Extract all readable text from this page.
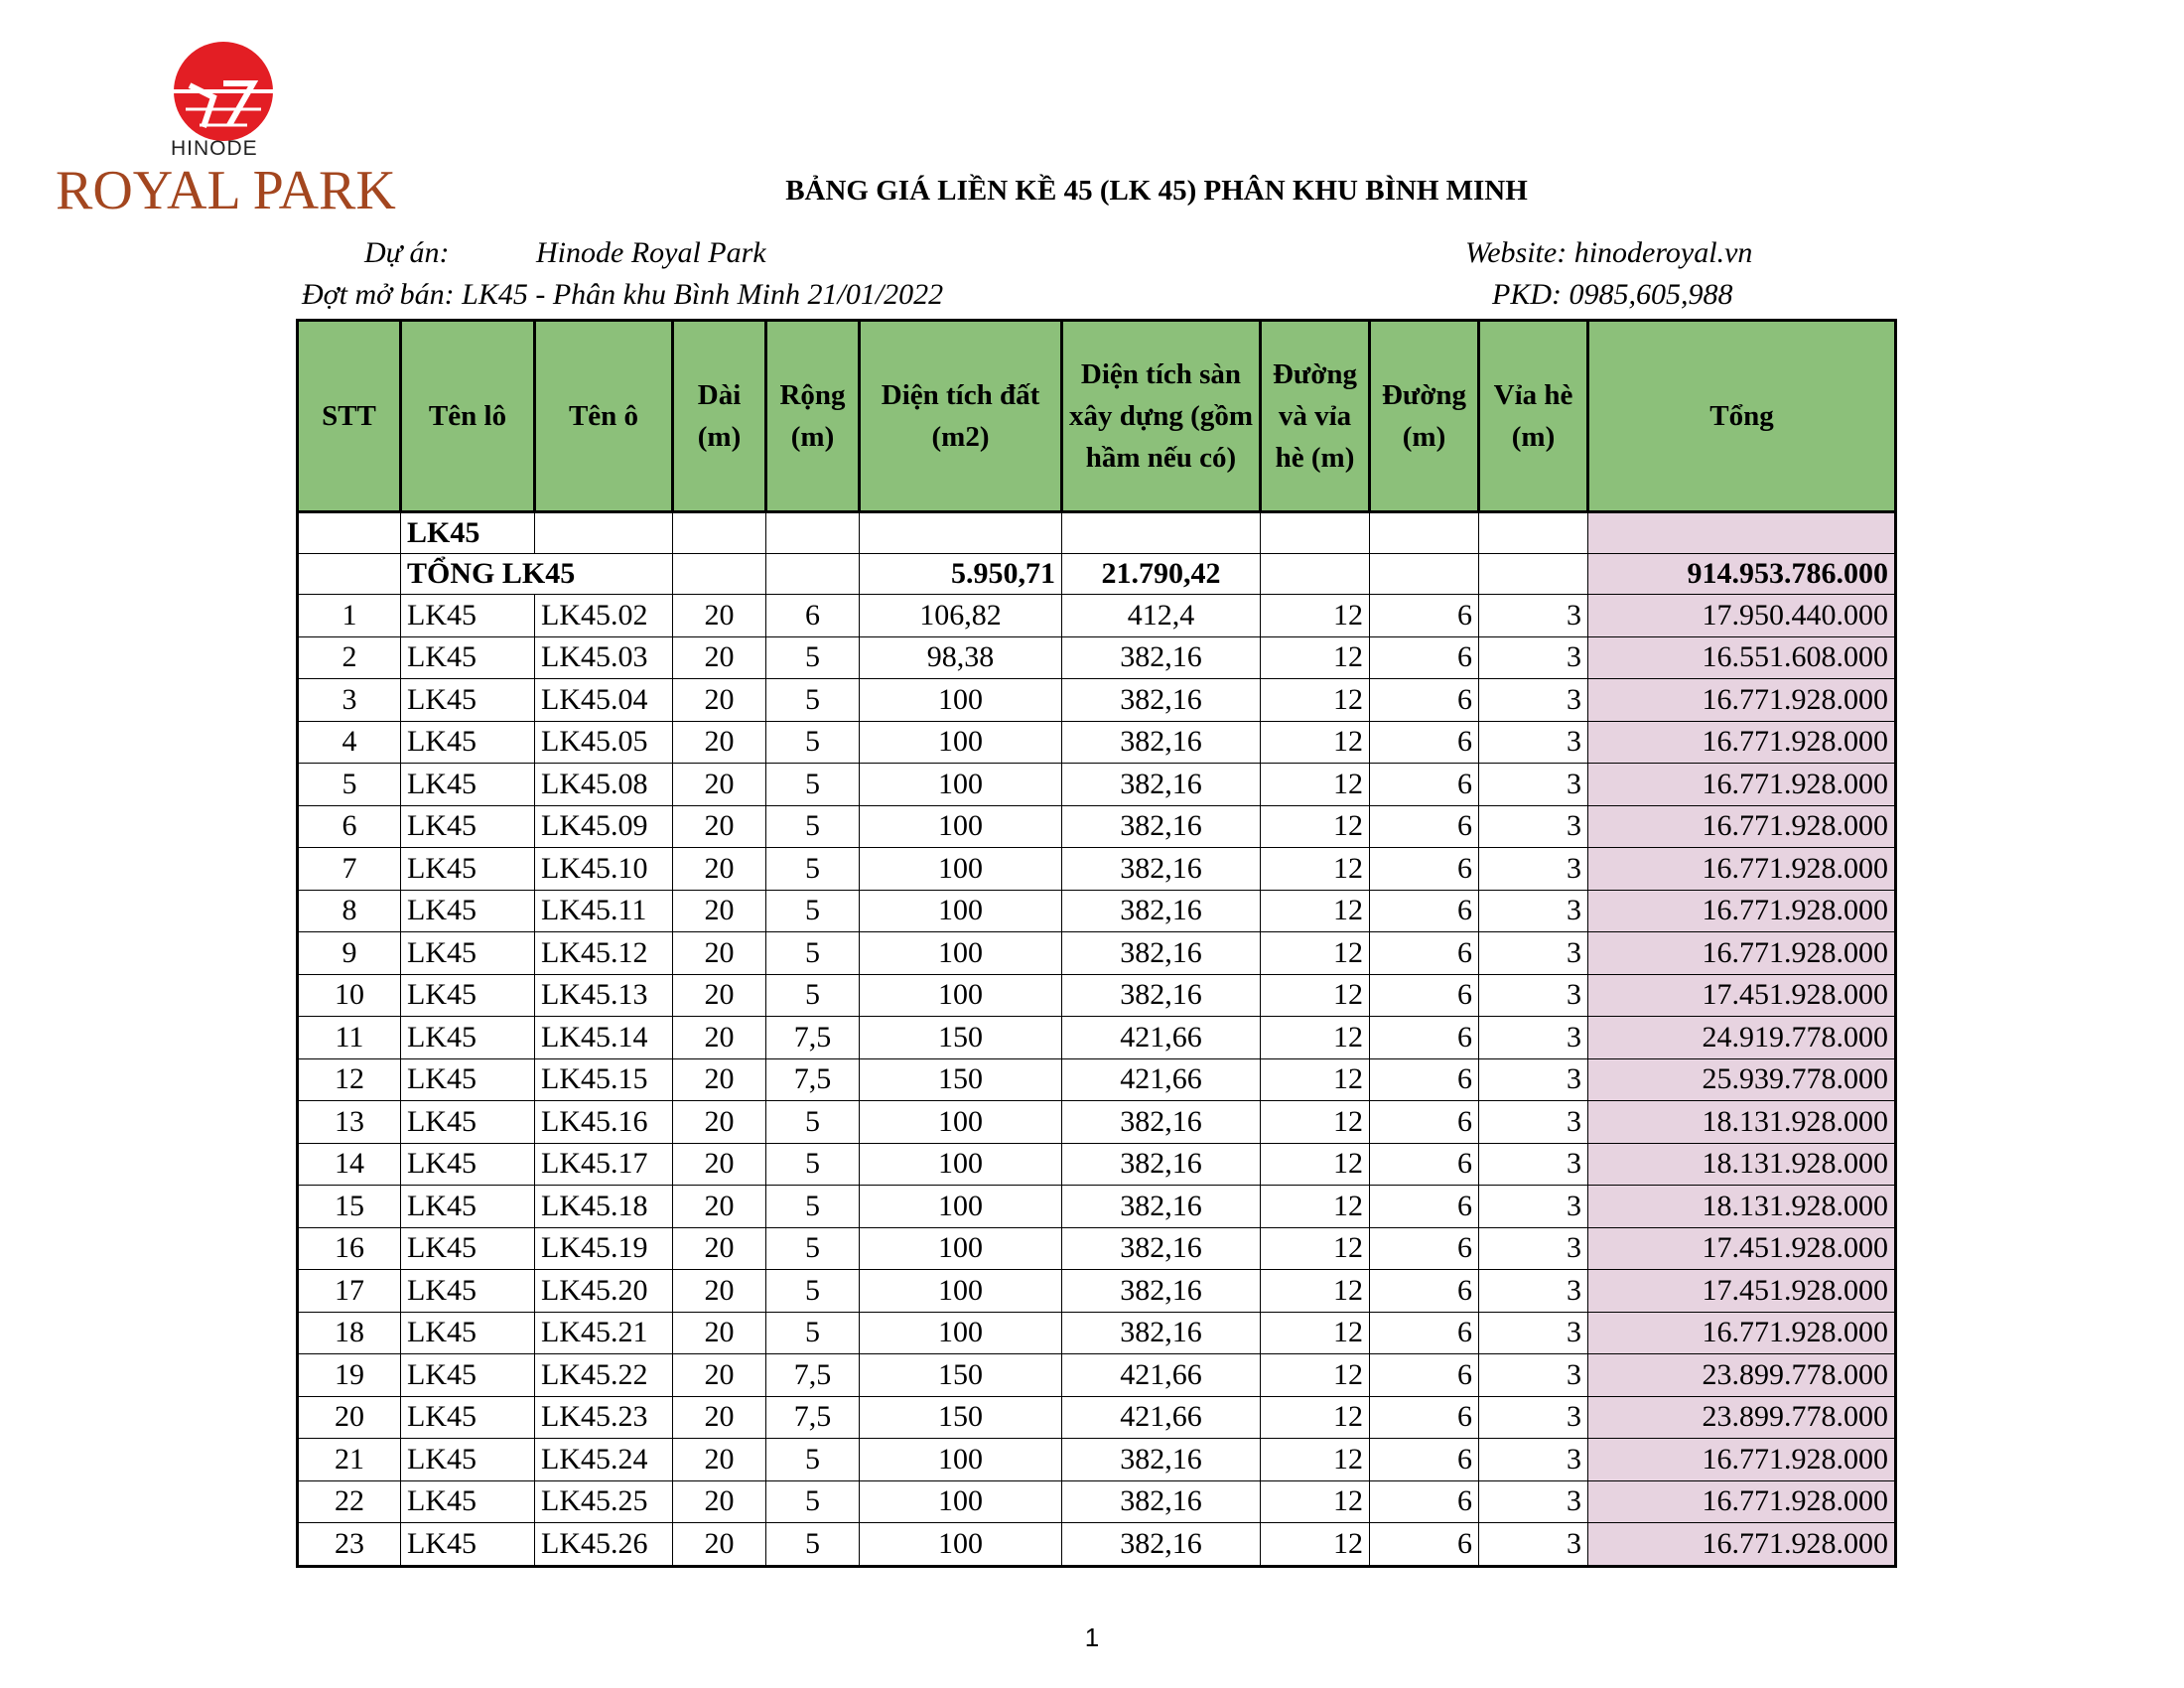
HINODE
ROYAL PARK	BẢNG GIÁ LIỀN KỀ 45 (LK 45) PHÂN KHU BÌNH MINH
Dự án:	Hinode Royal Park
Đợt mở bán: LK45 - Phân khu Bình Minh 21/01/2022
Website: hinoderoyal.vn
PKD: 0985,605,988
STT	Tên lô	Tên ô	Dài (m)	Rộng (m)	Diện tích đất (m2)	Diện tích sàn xây dựng (gồm hầm nếu có)	Đường và vỉa hè (m)	Đường (m)	Vỉa hè (m)	Tổng
	LK45									
	TỔNG LK45				5.950,71	21.790,42				914.953.786.000
1	LK45	LK45.02	20	6	106,82	412,4	12	6	3	17.950.440.000
2	LK45	LK45.03	20	5	98,38	382,16	12	6	3	16.551.608.000
3	LK45	LK45.04	20	5	100	382,16	12	6	3	16.771.928.000
4	LK45	LK45.05	20	5	100	382,16	12	6	3	16.771.928.000
5	LK45	LK45.08	20	5	100	382,16	12	6	3	16.771.928.000
6	LK45	LK45.09	20	5	100	382,16	12	6	3	16.771.928.000
7	LK45	LK45.10	20	5	100	382,16	12	6	3	16.771.928.000
8	LK45	LK45.11	20	5	100	382,16	12	6	3	16.771.928.000
9	LK45	LK45.12	20	5	100	382,16	12	6	3	16.771.928.000
10	LK45	LK45.13	20	5	100	382,16	12	6	3	17.451.928.000
11	LK45	LK45.14	20	7,5	150	421,66	12	6	3	24.919.778.000
12	LK45	LK45.15	20	7,5	150	421,66	12	6	3	25.939.778.000
13	LK45	LK45.16	20	5	100	382,16	12	6	3	18.131.928.000
14	LK45	LK45.17	20	5	100	382,16	12	6	3	18.131.928.000
15	LK45	LK45.18	20	5	100	382,16	12	6	3	18.131.928.000
16	LK45	LK45.19	20	5	100	382,16	12	6	3	17.451.928.000
17	LK45	LK45.20	20	5	100	382,16	12	6	3	17.451.928.000
18	LK45	LK45.21	20	5	100	382,16	12	6	3	16.771.928.000
19	LK45	LK45.22	20	7,5	150	421,66	12	6	3	23.899.778.000
20	LK45	LK45.23	20	7,5	150	421,66	12	6	3	23.899.778.000
21	LK45	LK45.24	20	5	100	382,16	12	6	3	16.771.928.000
22	LK45	LK45.25	20	5	100	382,16	12	6	3	16.771.928.000
23	LK45	LK45.26	20	5	100	382,16	12	6	3	16.771.928.000
1
